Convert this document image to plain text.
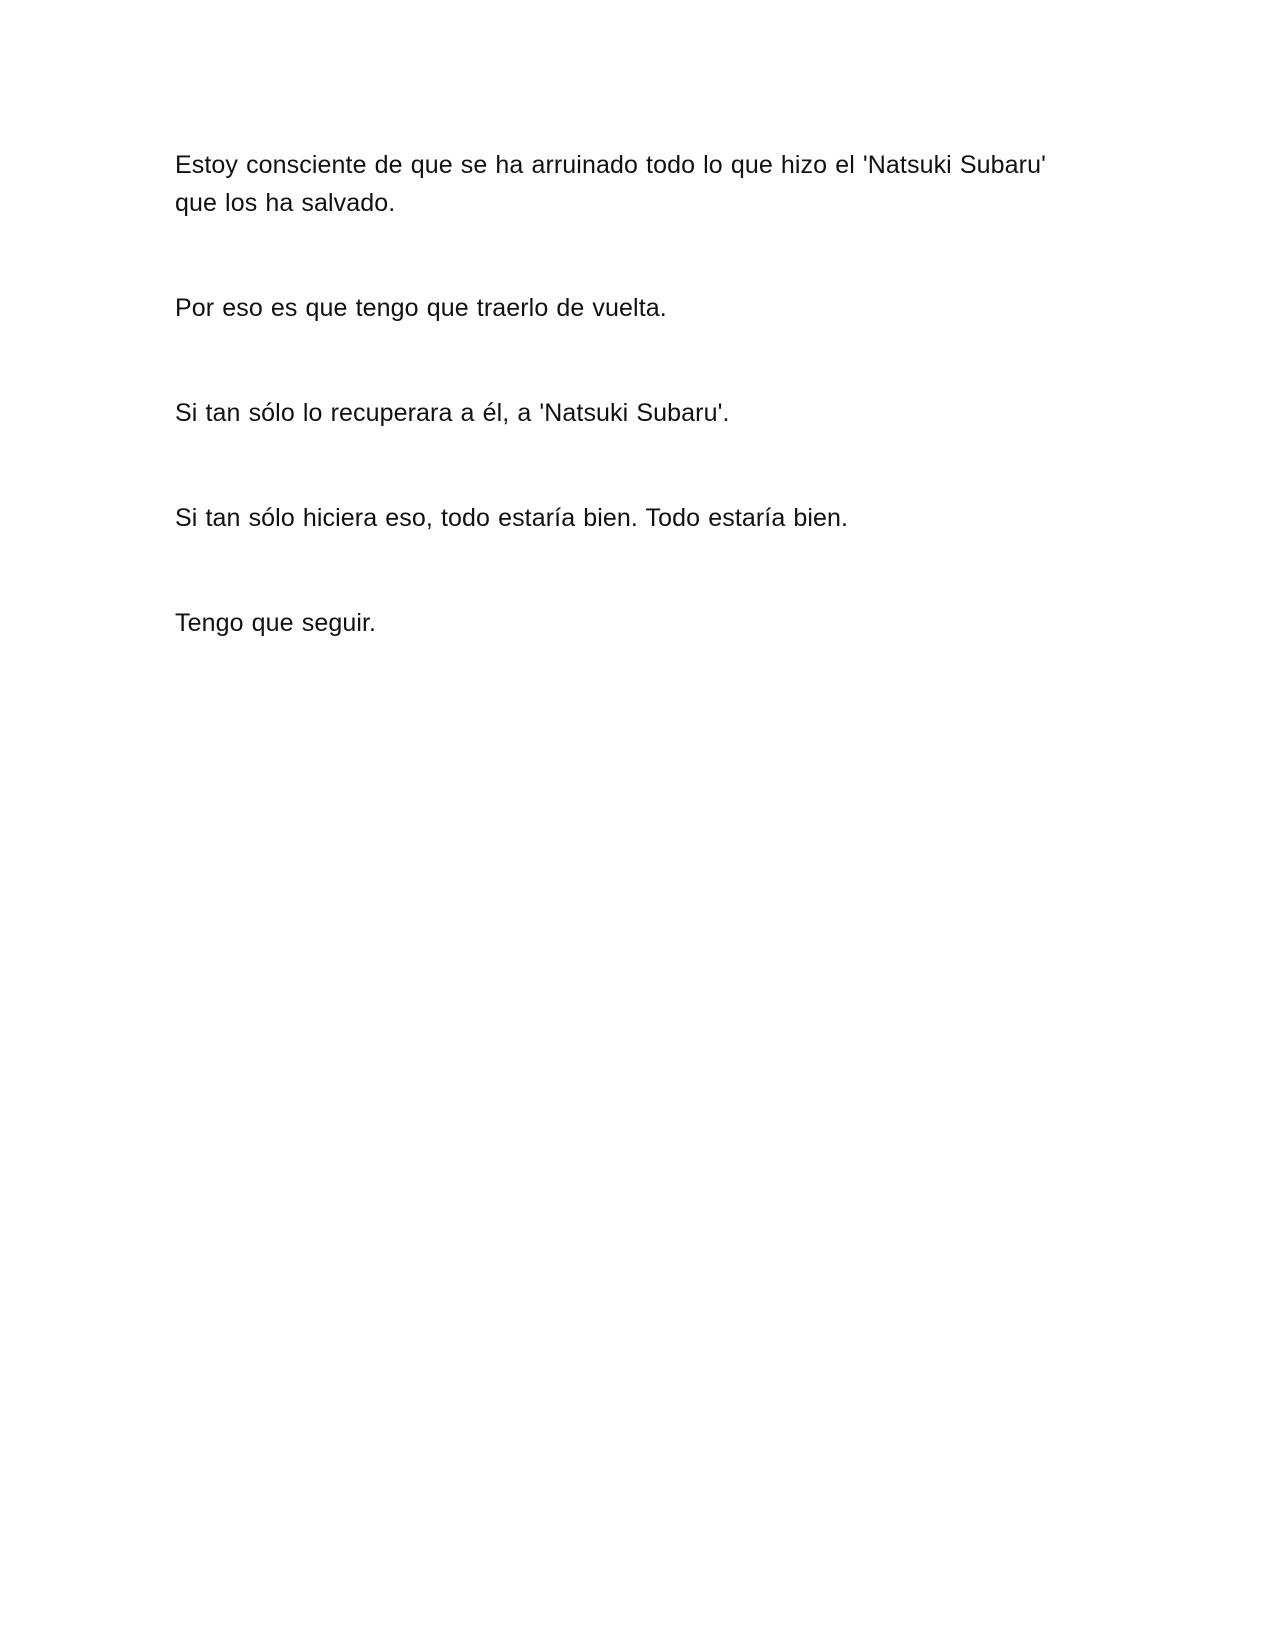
Estoy consciente de que se ha arruinado todo lo que hizo el 'Natsuki Subaru' que los ha salvado.

Por eso es que tengo que traerlo de vuelta.

Si tan sólo lo recuperara a él, a 'Natsuki Subaru'.

Si tan sólo hiciera eso, todo estaría bien. Todo estaría bien.

Tengo que seguir.
